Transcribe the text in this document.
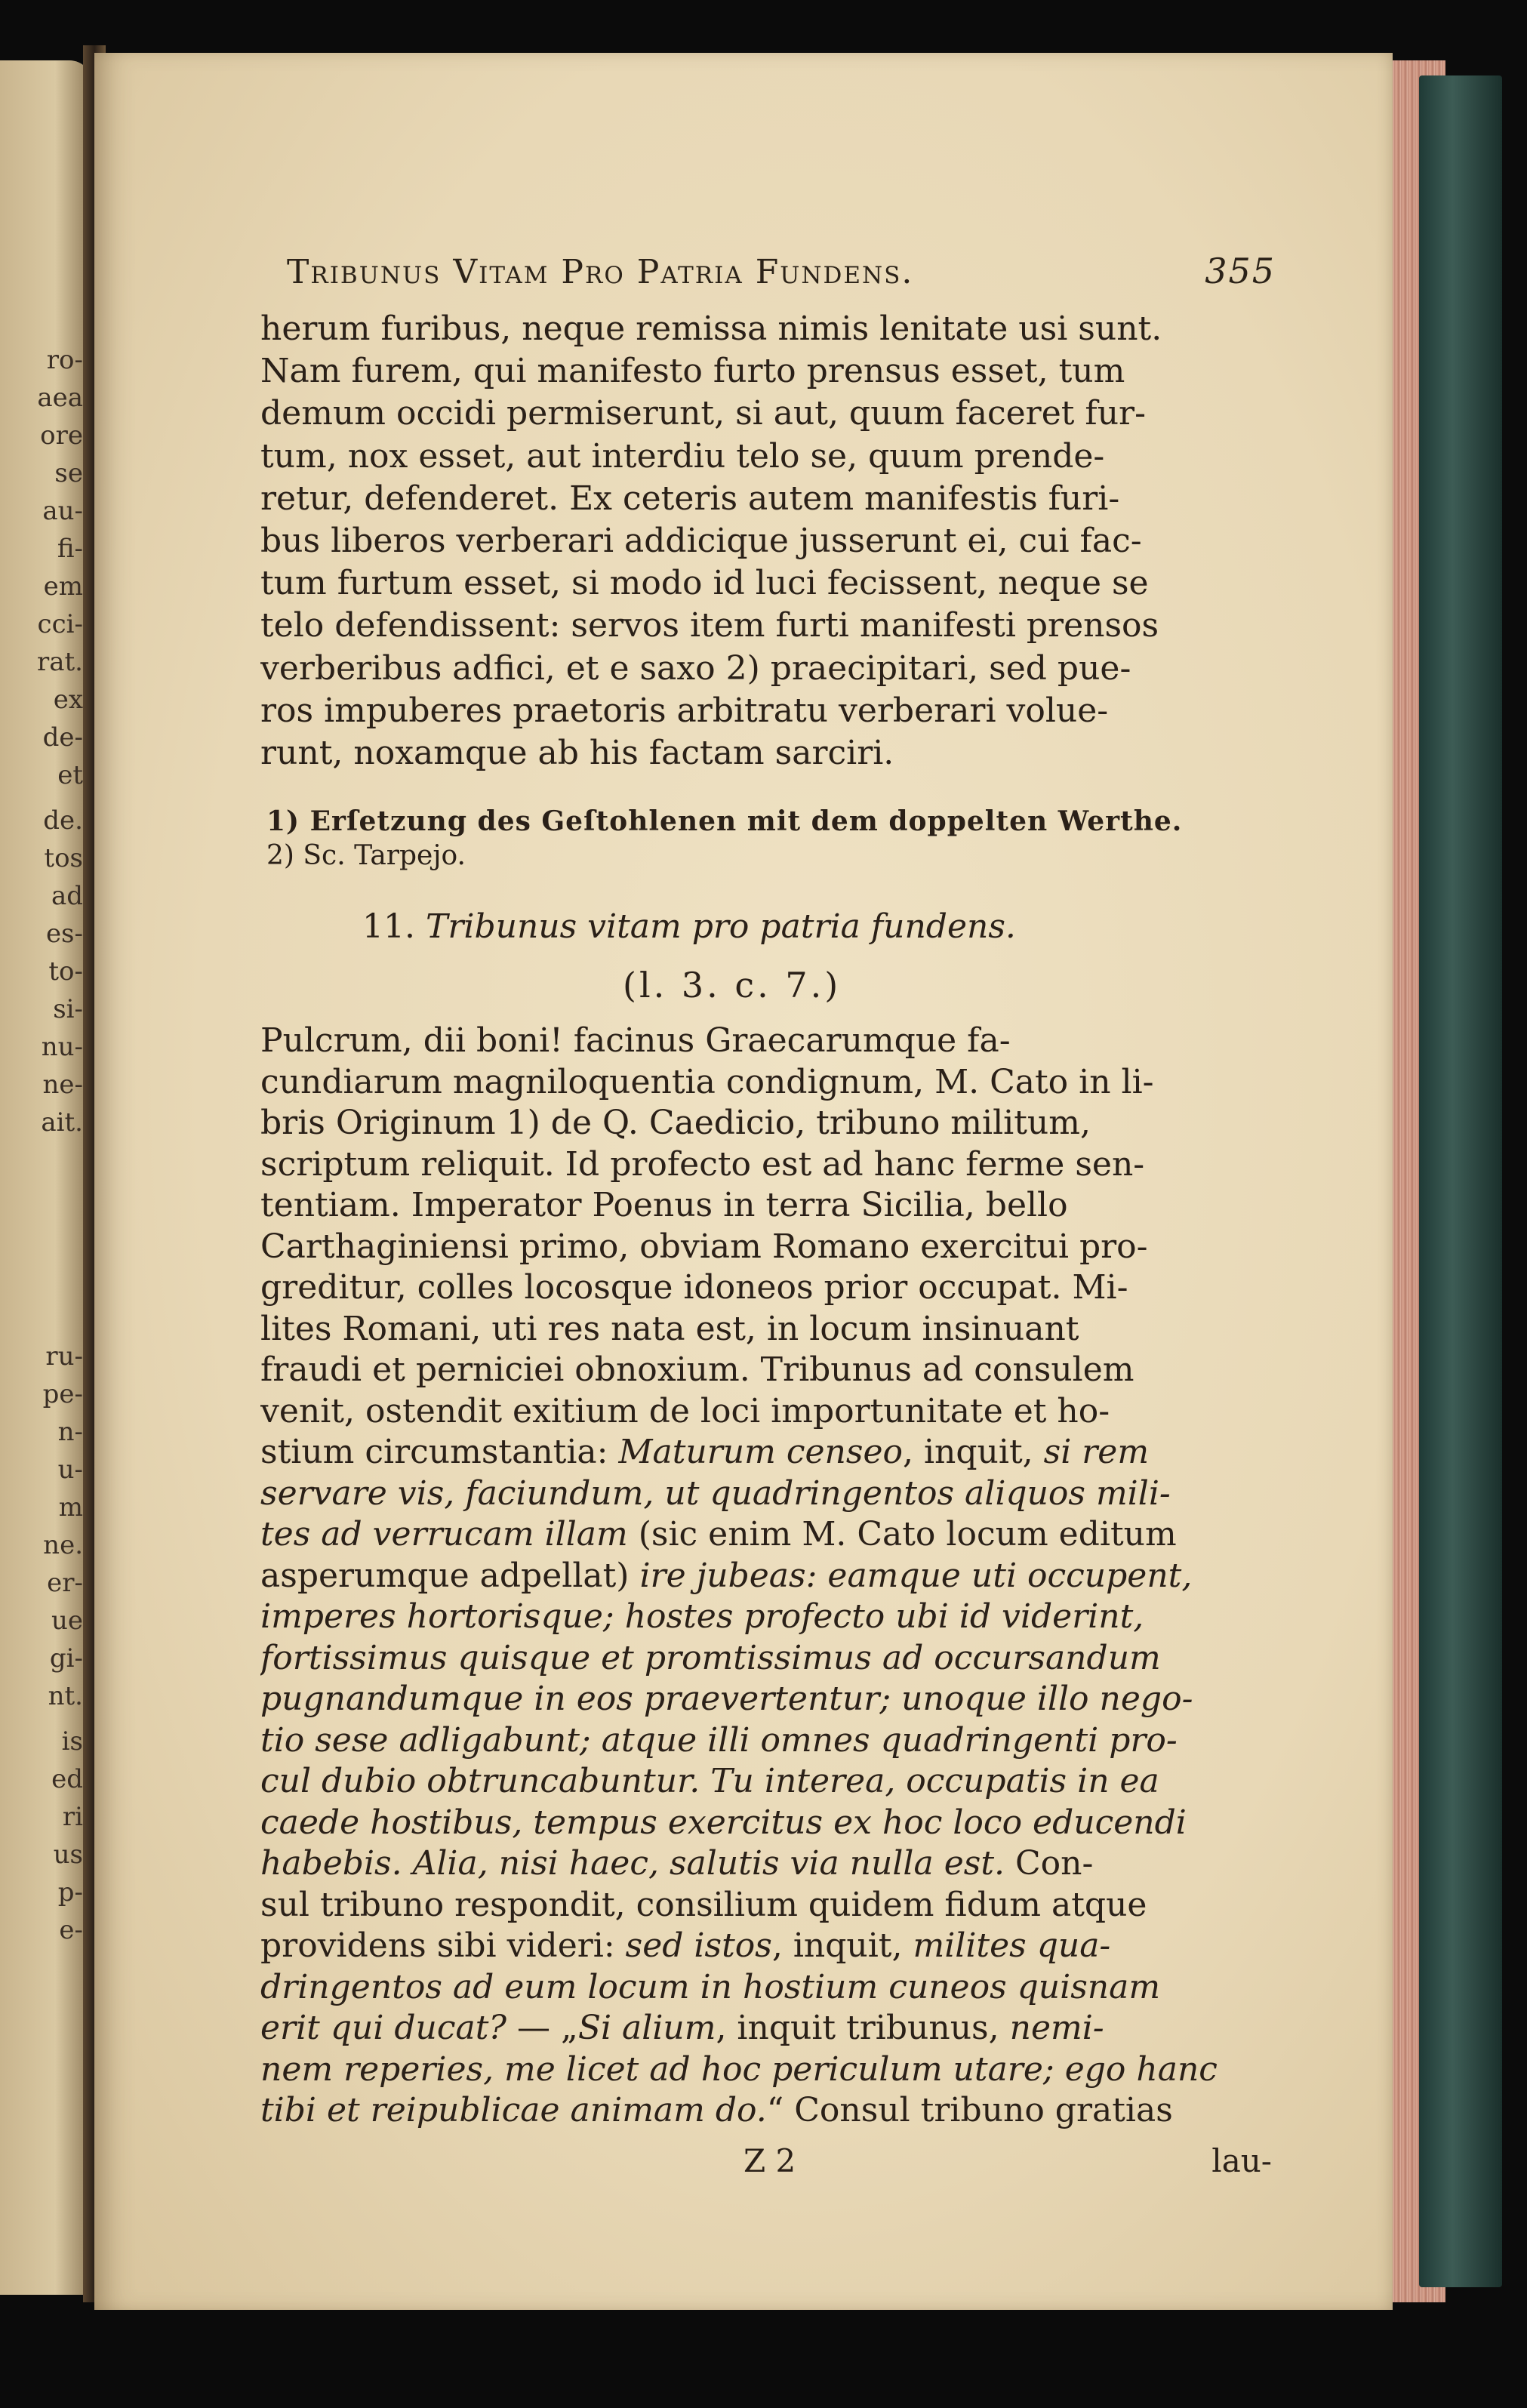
ro-
aea
ore
se
au-
fi-
em
cci-
rat.
ex
de-
et
de.
tos
ad
es-
to-
si-
nu-
ne-
ait.
ru-
pe-
n-
u-
m
ne.
er-
ue
gi-
nt.
is
ed
ri
us
p-
e-
Tribunus Vitam Pro Patria Fundens.	355
herum furibus, neque remissa nimis lenitate usi sunt.
Nam furem, qui manifesto furto prensus esset, tum
demum occidi permiserunt, si aut, quum faceret fur-
tum, nox esset, aut interdiu telo se, quum prende-
retur, defenderet. Ex ceteris autem manifestis furi-
bus liberos verberari addicique jusserunt ei, cui fac-
tum furtum esset, si modo id luci fecissent, neque se
telo defendissent: servos item furti manifesti prensos
verberibus adfici, et e saxo 2) praecipitari, sed pue-
ros impuberes praetoris arbitratu verberari volue-
runt, noxamque ab his factam sarciri.
1) Erſetzung des Geſtohlenen mit dem doppelten Werthe.
2) Sc. Tarpejo.
11. Tribunus vitam pro patria fundens.
(l. 3. c. 7.)
Pulcrum, dii boni! facinus Graecarumque fa-
cundiarum magniloquentia condignum, M. Cato in li-
bris Originum 1) de Q. Caedicio, tribuno militum,
scriptum reliquit. Id profecto est ad hanc ferme sen-
tentiam. Imperator Poenus in terra Sicilia, bello
Carthaginiensi primo, obviam Romano exercitui pro-
greditur, colles locosque idoneos prior occupat. Mi-
lites Romani, uti res nata est, in locum insinuant
fraudi et perniciei obnoxium. Tribunus ad consulem
venit, ostendit exitium de loci importunitate et ho-
stium circumstantia: Maturum censeo, inquit, si rem
servare vis, faciundum, ut quadringentos aliquos mili-
tes ad verrucam illam (sic enim M. Cato locum editum
asperumque adpellat) ire jubeas: eamque uti occupent,
imperes hortorisque; hostes profecto ubi id viderint,
fortissimus quisque et promtissimus ad occursandum
pugnandumque in eos praevertentur; unoque illo nego-
tio sese adligabunt; atque illi omnes quadringenti pro-
cul dubio obtruncabuntur. Tu interea, occupatis in ea
caede hostibus, tempus exercitus ex hoc loco educendi
habebis. Alia, nisi haec, salutis via nulla est. Con-
sul tribuno respondit, consilium quidem fidum atque
providens sibi videri: sed istos, inquit, milites qua-
dringentos ad eum locum in hostium cuneos quisnam
erit qui ducat? — „Si alium, inquit tribunus, nemi-
nem reperies, me licet ad hoc periculum utare; ego hanc
tibi et reipublicae animam do.“ Consul tribuno gratias
Z 2	lau-
